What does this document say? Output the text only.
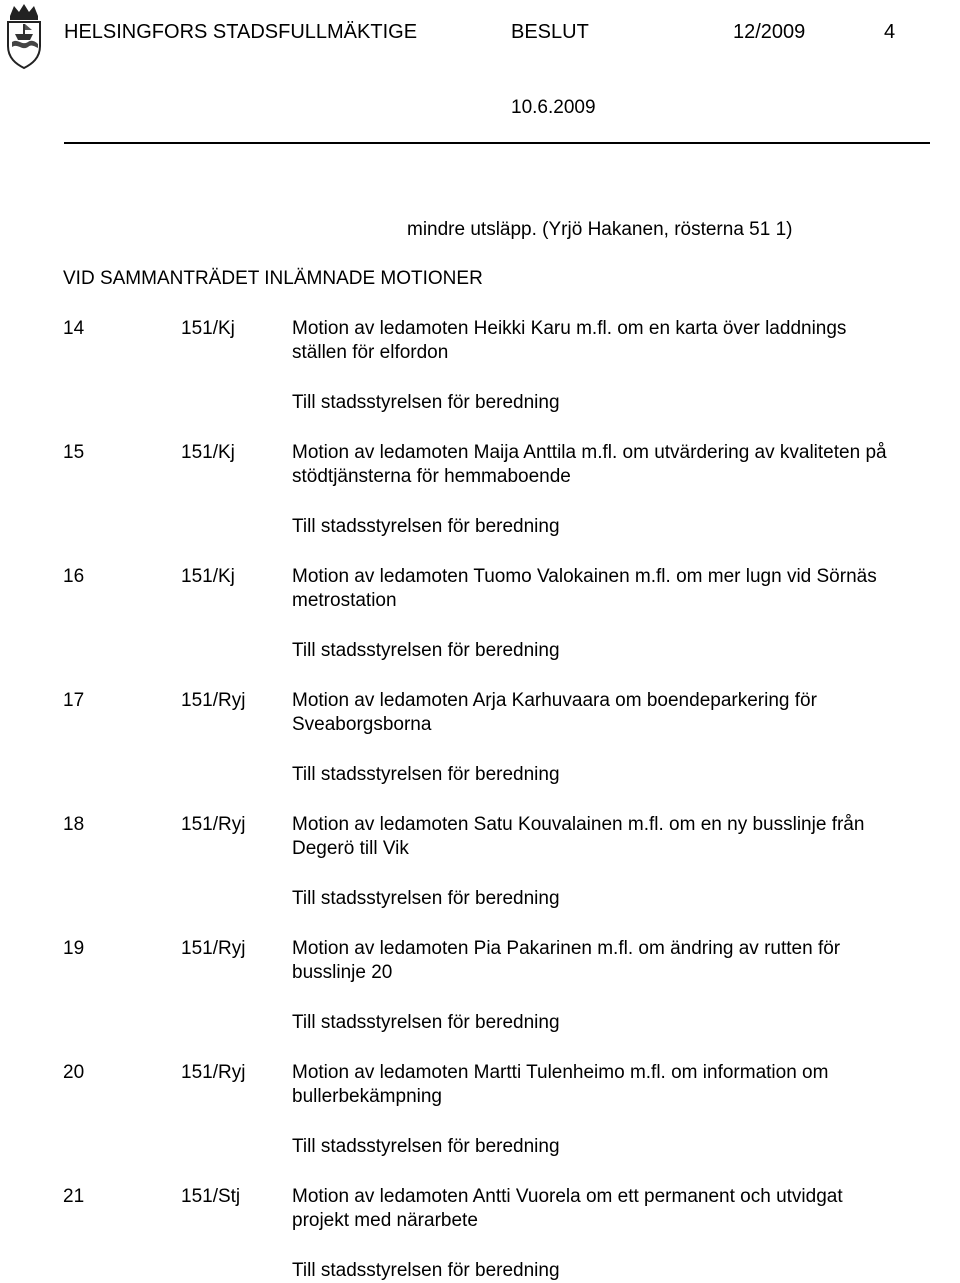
HELSINGFORS STADSFULLMÄKTIGE	BESLUT	12/2009	4
10.6.2009
mindre utsläpp. (Yrjö Hakanen, rösterna 51 1)
VID SAMMANTRÄDET INLÄMNADE MOTIONER
14	151/Kj	Motion av ledamoten Heikki Karu m.fl. om en karta över laddnings
ställen för elfordon
Till stadsstyrelsen för beredning
15	151/Kj	Motion av ledamoten Maija Anttila m.fl. om utvärdering av kvaliteten på
stödtjänsterna för hemmaboende
Till stadsstyrelsen för beredning
16	151/Kj	Motion av ledamoten Tuomo Valokainen m.fl. om mer lugn vid Sörnäs
metrostation
Till stadsstyrelsen för beredning
17	151/Ryj Motion av ledamoten Arja Karhuvaara om boendeparkering för
Sveaborgsborna
Till stadsstyrelsen för beredning
18	151/Ryj Motion av ledamoten Satu Kouvalainen m.fl. om en ny busslinje från
Degerö till Vik
Till stadsstyrelsen för beredning
19	151/Ryj Motion av ledamoten Pia Pakarinen m.fl. om ändring av rutten för
busslinje 20
Till stadsstyrelsen för beredning
20	151/Ryj Motion av ledamoten Martti Tulenheimo m.fl. om information om
bullerbekämpning
Till stadsstyrelsen för beredning
21	151/Stj	Motion av ledamoten Antti Vuorela om ett permanent och utvidgat
projekt med närarbete
Till stadsstyrelsen för beredning
